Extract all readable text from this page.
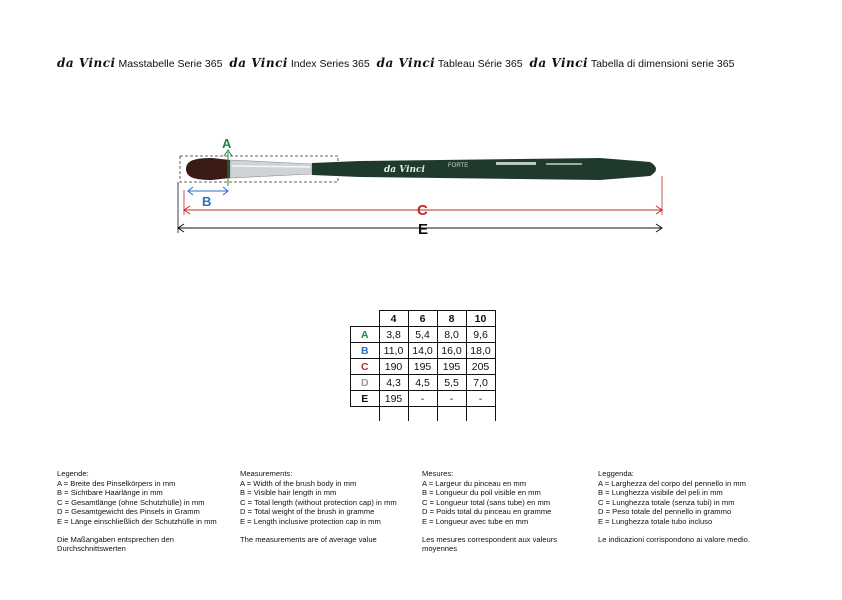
da Vinci Masstabelle Serie 365 da Vinci Index Series 365 da Vinci Tableau Série 365 da Vinci Tabella di dimensioni serie 365
da Vinci	FORTE
A
B
C
E
	4	6	8	10
A	3,8	5,4	8,0	9,6
B	11,0	14,0	16,0	18,0
C	190	195	195	205
D	4,3	4,5	5,5	7,0
E	195	-	-	-

Legende:
A = Breite des Pinselkörpers in mm
B = Sichtbare Haarlänge in mm
C = Gesamtlänge (ohne Schutzhülle) in mm
D = Gesamtgewicht des Pinsels in Gramm
E = Länge einschließlich der Schutzhülle in mm
Die Maßangaben entsprechen den Durchschnittswerten
Measurements:
A = Width of the brush body in mm
B = Visible hair length in mm
C = Total length (without protection cap) in mm
D = Total weight of the brush in gramme
E = Length inclusive protection cap in mm
The measurements are of average value
Mesures:
A = Largeur du pinceau en mm
B = Longueur du poil visible en mm
C = Longueur total (sans tube) en mm
D = Poids total du pinceau en gramme
E = Longueur avec tube en mm
Les mesures correspondent aux valeurs moyennes
Leggenda:
A = Larghezza del corpo del pennello in mm
B = Lunghezza visibile del peli in mm
C = Lunghezza totale (senza tubi) in mm
D = Peso totale del pennello in grammo
E = Lunghezza totale tubo incluso
Le indicazioni corrispondono ai valore medio.
